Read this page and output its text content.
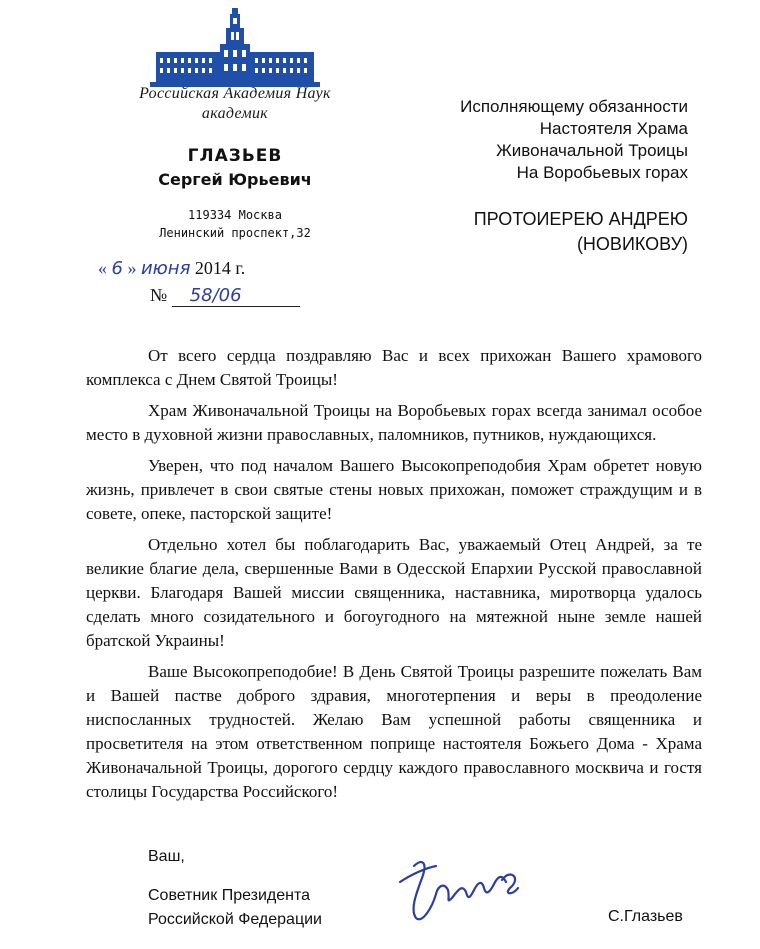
Российская Академия Наук
академик
ГЛАЗЬЕВ
Сергей Юрьевич
119334 Москва
Ленинский проспект,32
« 6 » июня 2014 г.
№ 58/06
Исполняющему обязанности
Настоятеля Храма
Живоначальной Троицы
На Воробьевых горах
ПРОТОИЕРЕЮ АНДРЕЮ
(НОВИКОВУ)

От всего сердца поздравляю Вас и всех прихожан Вашего храмового комплекса с Днем Святой Троицы!

Храм Живоначальной Троицы на Воробьевых горах всегда занимал особое место в духовной жизни православных, паломников, путников, нуждающихся.

Уверен, что под началом Вашего Высокопреподобия Храм обретет новую жизнь, привлечет в свои святые стены новых прихожан, поможет страждущим и в совете, опеке, пасторской защите!

Отдельно хотел бы поблагодарить Вас, уважаемый Отец Андрей, за те великие благие дела, свершенные Вами в Одесской Епархии Русской православной церкви. Благодаря Вашей миссии священника, наставника, миротворца удалось сделать много созидательного и богоугодного на мятежной ныне земле нашей братской Украины!

Ваше Высокопреподобие! В День Святой Троицы разрешите пожелать Вам и Вашей пастве доброго здравия, многотерпения и веры в преодоление ниспосланных трудностей. Желаю Вам успешной работы священника и просветителя на этом ответственном поприще настоятеля Божьего Дома - Храма Живоначальной Троицы, дорогого сердцу каждого православного москвича и гостя столицы Государства Российского!

Ваш,
Советник Президента
Российской Федерации	С.Глазьев
